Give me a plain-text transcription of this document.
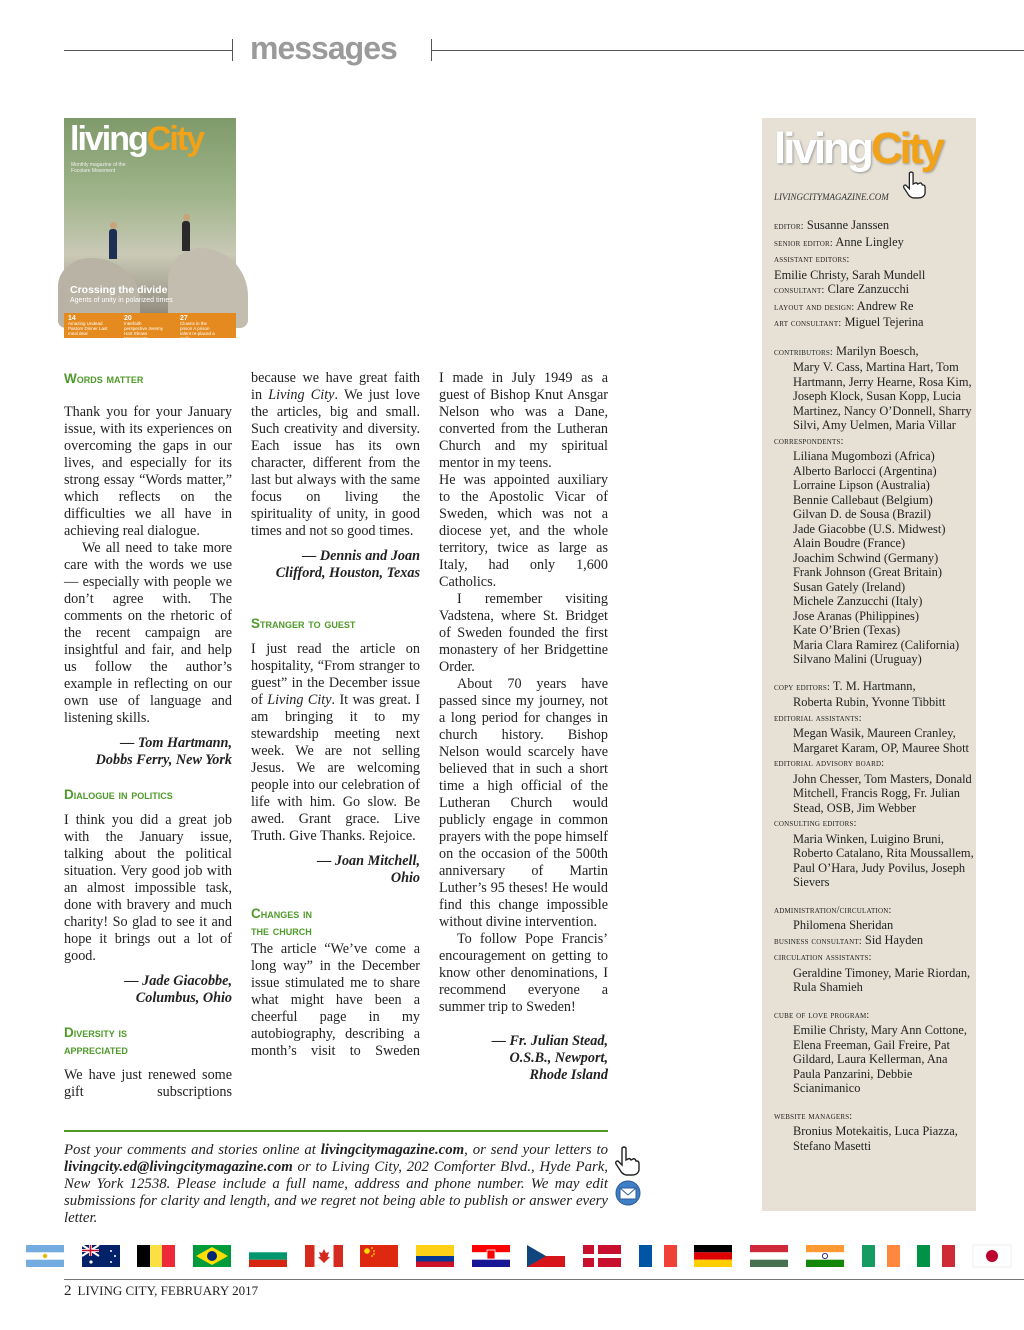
messages
livingCity
Monthly magazine of the Focolare Movement
Crossing the divide
Agents of unity in polarized times
14
Amazing Undead Pastors Dinner Last meal deal
20
Interfaith perspective Jeremy Hart Shows Monuments
27
Clowns in the prison A prison talent re-placed a smile

Words matter

Thank you for your January issue, with its experiences on overcoming the gaps in our lives, and especially for its strong essay “Words matter,” which reflects on the difficulties we all have in achieving real dialogue.

We all need to take more care with the words we use — especially with people we don’t agree with. The comments on the rhetoric of the recent campaign are insightful and fair, and help us follow the author’s example in reflecting on our own use of language and listening skills.

— Tom Hartmann,

Dobbs Ferry, New York

Dialogue in politics

I think you did a great job with the January issue, talking about the political situation. Very good job with an almost impossible task, done with bravery and much charity! So glad to see it and hope it brings out a lot of good.

— Jade Giacobbe,

Columbus, Ohio

Diversity is

appreciated

We have just renewed some gift subscriptions

because we have great faith in Living City. We just love the articles, big and small. Such creativity and diversity. Each issue has its own character, different from the last but always with the same focus on living the spirituality of unity, in good times and not so good times.

— Dennis and Joan

Clifford, Houston, Texas

Stranger to guest

I just read the article on hospitality, “From stranger to guest” in the December issue of Living City. It was great. I am bringing it to my stewardship meeting next week. We are not selling Jesus. We are welcoming people into our celebration of life with him. Go slow. Be awed. Grant grace. Live Truth. Give Thanks. Rejoice.

— Joan Mitchell,

Ohio

Changes in

the church

The article “We’ve come a long way” in the December issue stimulated me to share what might have been a cheerful page in my autobiography, describing a month’s visit to Sweden

I made in July 1949 as a guest of Bishop Knut Ansgar Nelson who was a Dane, converted from the Lutheran Church and my spiritual mentor in my teens.

He was appointed auxiliary to the Apostolic Vicar of Sweden, which was not a diocese yet, and the whole territory, twice as large as Italy, had only 1,600 Catholics.

I remember visiting Vadstena, where St. Bridget of Sweden founded the first monastery of her Bridgettine Order.

About 70 years have passed since my journey, not a long period for changes in church history. Bishop Nelson would scarcely have believed that in such a short time a high official of the Lutheran Church would publicly engage in common prayers with the pope himself on the occasion of the 500th anniversary of Martin Luther’s 95 theses! He would find this change impossible without divine intervention.

To follow Pope Francis’ encouragement on getting to know other denominations, I recommend everyone a summer trip to Sweden!

— Fr. Julian Stead,

O.S.B., Newport,

Rhode Island

Post your comments and stories online at livingcitymagazine.com, or send your letters to livingcity.ed@livingcitymagazine.com or to Living City, 202 Comforter Blvd., Hyde Park, New York 12538. Please include a full name, address and phone number. We may edit submissions for clarity and length, and we regret not being able to publish or answer every letter.
livingCity
LIVINGCITYMAGAZINE.COM

editor: Susanne Janssen

senior editor: Anne Lingley

assistant editors:

Emilie Christy, Sarah Mundell

consultant: Clare Zanzucchi

layout and design: Andrew Re

art consultant: Miguel Tejerina

contributors: Marilyn Boesch,

Mary V. Cass, Martina Hart, Tom Hartmann, Jerry Hearne, Rosa Kim, Joseph Klock, Susan Kopp, Lucia Martinez, Nancy O’Donnell, Sharry Silvi, Amy Uelmen, Maria Villar

correspondents:

Liliana Mugombozi (Africa)

Alberto Barlocci (Argentina)

Lorraine Lipson (Australia)

Bennie Callebaut (Belgium)

Gilvan D. de Sousa (Brazil)

Jade Giacobbe (U.S. Midwest)

Alain Boudre (France)

Joachim Schwind (Germany)

Frank Johnson (Great Britain)

Susan Gately (Ireland)

Michele Zanzucchi (Italy)

Jose Aranas (Philippines)

Kate O’Brien (Texas)

Maria Clara Ramirez (California)

Silvano Malini (Uruguay)

copy editors: T. M. Hartmann,

Roberta Rubin, Yvonne Tibbitt

editorial assistants:

Megan Wasik, Maureen Cranley, Margaret Karam, OP, Mauree Shott

editorial advisory board:

John Chesser, Tom Masters, Donald Mitchell, Francis Rogg, Fr. Julian Stead, OSB, Jim Webber

consulting editors:

Maria Winken, Luigino Bruni, Roberto Catalano, Rita Moussallem, Paul O’Hara, Judy Povilus, Joseph Sievers

administration/circulation:

Philomena Sheridan

business consultant: Sid Hayden

circulation assistants:

Geraldine Timoney, Marie Riordan, Rula Shamieh

cube of love program:

Emilie Christy, Mary Ann Cottone, Elena Freeman, Gail Freire, Pat Gildard, Laura Kellerman, Ana Paula Panzarini, Debbie Scianimanico

website managers:

Bronius Motekaitis, Luca Piazza, Stefano Masetti

2 LIVING CITY, FEBRUARY 2017
